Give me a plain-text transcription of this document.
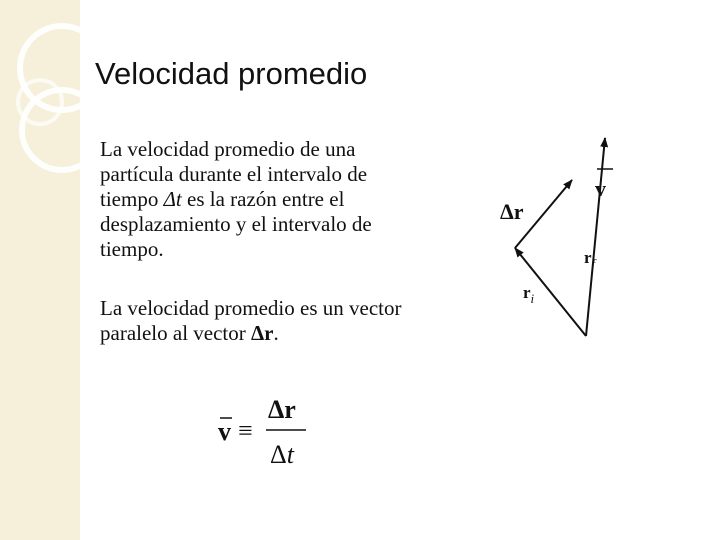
Velocidad promedio

La velocidad promedio de una partícula durante el intervalo de tiempo Δt es la razón entre el desplazamiento y el intervalo de tiempo.

La velocidad promedio es un vector paralelo al vector Δr.

v ≡
Δr
Δt
v
Δr
$r_f$
$r_i$
